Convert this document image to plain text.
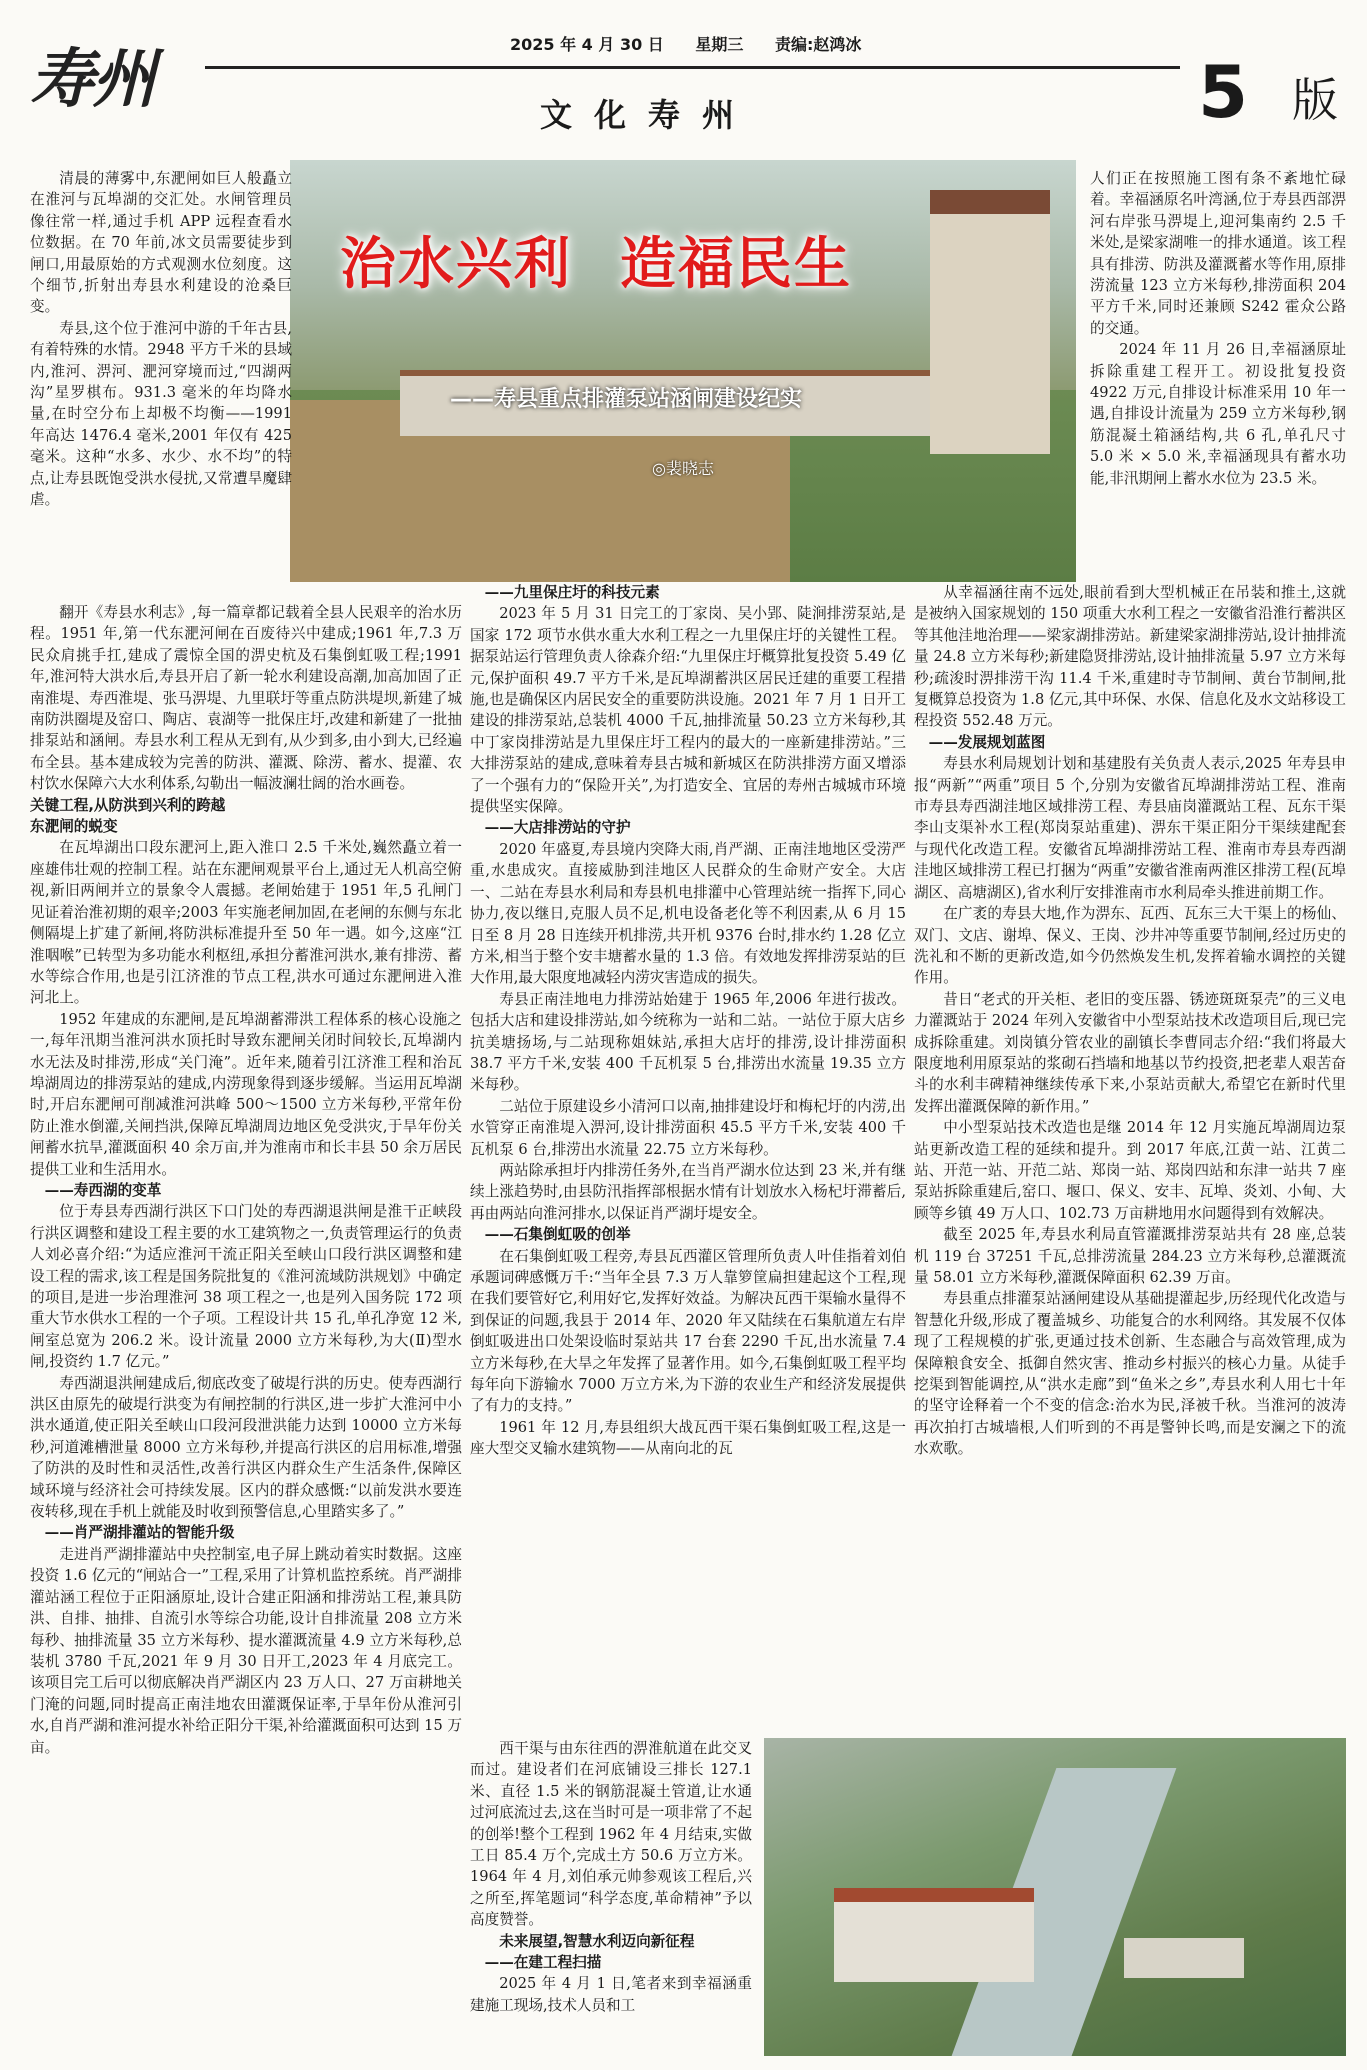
寿州	2025 年 4 月 30 日 星期三 责编:赵鸿冰
文化寿州	5 版
治水兴利 造福民生
——寿县重点排灌泵站涵闸建设纪实
◎裴晓志

清晨的薄雾中,东淝闸如巨人般矗立在淮河与瓦埠湖的交汇处。水闸管理员像往常一样,通过手机 APP 远程查看水位数据。在 70 年前,冰文员需要徒步到闸口,用最原始的方式观测水位刻度。这个细节,折射出寿县水利建设的沧桑巨变。

寿县,这个位于淮河中游的千年古县,有着特殊的水情。2948 平方千米的县域内,淮河、淠河、淝河穿境而过,“四湖两沟”星罗棋布。931.3 毫米的年均降水量,在时空分布上却极不均衡——1991 年高达 1476.4 毫米,2001 年仅有 425 毫米。这种“水多、水少、水不均”的特点,让寿县既饱受洪水侵扰,又常遭旱魔肆虐。

翻开《寿县水利志》,每一篇章都记载着全县人民艰辛的治水历程。1951 年,第一代东淝河闸在百废待兴中建成;1961 年,7.3 万民众肩挑手扛,建成了震惊全国的淠史杭及石集倒虹吸工程;1991 年,淮河特大洪水后,寿县开启了新一轮水利建设高潮,加高加固了正南淮堤、寿西淮堤、张马淠堤、九里联圩等重点防洪堤坝,新建了城南防洪圈堤及窑口、陶店、袁湖等一批保庄圩,改建和新建了一批抽排泵站和涵闸。寿县水利工程从无到有,从少到多,由小到大,已经遍布全县。基本建成较为完善的防洪、灌溉、除涝、蓄水、提灌、农村饮水保障六大水利体系,勾勒出一幅波澜壮阔的治水画卷。

关键工程,从防洪到兴利的跨越
东淝闸的蜕变

在瓦埠湖出口段东淝河上,距入淮口 2.5 千米处,巍然矗立着一座雄伟壮观的控制工程。站在东淝闸观景平台上,通过无人机高空俯视,新旧两闸并立的景象令人震撼。老闸始建于 1951 年,5 孔闸门见证着治淮初期的艰辛;2003 年实施老闸加固,在老闸的东侧与东北侧隔堤上扩建了新闸,将防洪标准提升至 50 年一遇。如今,这座“江淮咽喉”已转型为多功能水利枢纽,承担分蓄淮河洪水,兼有排涝、蓄水等综合作用,也是引江济淮的节点工程,洪水可通过东淝闸进入淮河北上。

1952 年建成的东淝闸,是瓦埠湖蓄滞洪工程体系的核心设施之一,每年汛期当淮河洪水顶托时导致东淝闸关闭时间较长,瓦埠湖内水无法及时排涝,形成“关门淹”。近年来,随着引江济淮工程和治瓦埠湖周边的排涝泵站的建成,内涝现象得到逐步缓解。当运用瓦埠湖时,开启东淝闸可削减淮河洪峰 500～1500 立方米每秒,平常年份防止淮水倒灌,关闸挡洪,保障瓦埠湖周边地区免受洪灾,于旱年份关闸蓄水抗旱,灌溉面积 40 余万亩,并为淮南市和长丰县 50 余万居民提供工业和生活用水。

——寿西湖的变革

位于寿县寿西湖行洪区下口门处的寿西湖退洪闸是淮干正峡段行洪区调整和建设工程主要的水工建筑物之一,负责管理运行的负责人刘必喜介绍:“为适应淮河干流正阳关至峡山口段行洪区调整和建设工程的需求,该工程是国务院批复的《淮河流域防洪规划》中确定的项目,是进一步治理淮河 38 项工程之一,也是列入国务院 172 项重大节水供水工程的一个子项。工程设计共 15 孔,单孔净宽 12 米,闸室总宽为 206.2 米。设计流量 2000 立方米每秒,为大(Ⅱ)型水闸,投资约 1.7 亿元。”

寿西湖退洪闸建成后,彻底改变了破堤行洪的历史。使寿西湖行洪区由原先的破堤行洪变为有闸控制的行洪区,进一步扩大淮河中小洪水通道,使正阳关至峡山口段河段泄洪能力达到 10000 立方米每秒,河道滩槽泄量 8000 立方米每秒,并提高行洪区的启用标准,增强了防洪的及时性和灵活性,改善行洪区内群众生产生活条件,保障区域环境与经济社会可持续发展。区内的群众感慨:“以前发洪水要连夜转移,现在手机上就能及时收到预警信息,心里踏实多了。”

——肖严湖排灌站的智能升级

走进肖严湖排灌站中央控制室,电子屏上跳动着实时数据。这座投资 1.6 亿元的“闸站合一”工程,采用了计算机监控系统。肖严湖排灌站涵工程位于正阳涵原址,设计合建正阳涵和排涝站工程,兼具防洪、自排、抽排、自流引水等综合功能,设计自排流量 208 立方米每秒、抽排流量 35 立方米每秒、提水灌溉流量 4.9 立方米每秒,总装机 3780 千瓦,2021 年 9 月 30 日开工,2023 年 4 月底完工。该项目完工后可以彻底解决肖严湖区内 23 万人口、27 万亩耕地关门淹的问题,同时提高正南洼地农田灌溉保证率,于旱年份从淮河引水,自肖严湖和淮河提水补给正阳分干渠,补给灌溉面积可达到 15 万亩。

——九里保庄圩的科技元素

2023 年 5 月 31 日完工的丁家岗、吴小郢、陡涧排涝泵站,是国家 172 项节水供水重大水利工程之一九里保庄圩的关键性工程。据泵站运行管理负责人徐森介绍:“九里保庄圩概算批复投资 5.49 亿元,保护面积 49.7 平方千米,是瓦埠湖蓄洪区居民迁建的重要工程措施,也是确保区内居民安全的重要防洪设施。2021 年 7 月 1 日开工建设的排涝泵站,总装机 4000 千瓦,抽排流量 50.23 立方米每秒,其中丁家岗排涝站是九里保庄圩工程内的最大的一座新建排涝站。”三大排涝泵站的建成,意味着寿县古城和新城区在防洪排涝方面又增添了一个强有力的“保险开关”,为打造安全、宜居的寿州古城城市环境提供坚实保障。

——大店排涝站的守护

2020 年盛夏,寿县境内突降大雨,肖严湖、正南洼地地区受涝严重,水患成灾。直接威胁到洼地区人民群众的生命财产安全。大店一、二站在寿县水利局和寿县机电排灌中心管理站统一指挥下,同心协力,夜以继日,克服人员不足,机电设备老化等不利因素,从 6 月 15 日至 8 月 28 日连续开机排涝,共开机 9376 台时,排水约 1.28 亿立方米,相当于整个安丰塘蓄水量的 1.3 倍。有效地发挥排涝泵站的巨大作用,最大限度地减轻内涝灾害造成的损失。

寿县正南洼地电力排涝站始建于 1965 年,2006 年进行拔改。包括大店和建设排涝站,如今统称为一站和二站。一站位于原大店乡抗美塘扬场,与二站现称姐妹站,承担大店圩的排涝,设计排涝面积 38.7 平方千米,安装 400 千瓦机泵 5 台,排涝出水流量 19.35 立方米每秒。

二站位于原建设乡小清河口以南,抽排建设圩和梅杞圩的内涝,出水管穿正南淮堤入淠河,设计排涝面积 45.5 平方千米,安装 400 千瓦机泵 6 台,排涝出水流量 22.75 立方米每秒。

两站除承担圩内排涝任务外,在当肖严湖水位达到 23 米,并有继续上涨趋势时,由县防汛指挥部根据水情有计划放水入杨杞圩滞蓄后,再由两站向淮河排水,以保证肖严湖圩堤安全。

——石集倒虹吸的创举

在石集倒虹吸工程旁,寿县瓦西灌区管理所负责人叶佳指着刘伯承题词碑感慨万千:“当年全县 7.3 万人靠箩筐扁担建起这个工程,现在我们要管好它,利用好它,发挥好效益。为解决瓦西干渠输水量得不到保证的问题,我县于 2014 年、2020 年又陆续在石集航道左右岸倒虹吸进出口处架设临时泵站共 17 台套 2290 千瓦,出水流量 7.4 立方米每秒,在大旱之年发挥了显著作用。如今,石集倒虹吸工程平均每年向下游输水 7000 万立方米,为下游的农业生产和经济发展提供了有力的支持。”

1961 年 12 月,寿县组织大战瓦西干渠石集倒虹吸工程,这是一座大型交叉输水建筑物——从南向北的瓦

西干渠与由东往西的淠淮航道在此交叉而过。建设者们在河底铺设三排长 127.1 米、直径 1.5 米的钢筋混凝土管道,让水通过河底流过去,这在当时可是一项非常了不起的创举!整个工程到 1962 年 4 月结束,实做工日 85.4 万个,完成土方 50.6 万立方米。1964 年 4 月,刘伯承元帅参观该工程后,兴之所至,挥笔题词“科学态度,革命精神”予以高度赞誉。

未来展望,智慧水利迈向新征程
——在建工程扫描

2025 年 4 月 1 日,笔者来到幸福涵重建施工现场,技术人员和工

人们正在按照施工图有条不紊地忙碌着。幸福涵原名叶湾涵,位于寿县西部淠河右岸张马淠堤上,迎河集南约 2.5 千米处,是梁家湖唯一的排水通道。该工程具有排涝、防洪及灌溉蓄水等作用,原排涝流量 123 立方米每秒,排涝面积 204 平方千米,同时还兼顾 S242 霍众公路的交通。

2024 年 11 月 26 日,幸福涵原址拆除重建工程开工。初设批复投资 4922 万元,自排设计标准采用 10 年一遇,自排设计流量为 259 立方米每秒,钢筋混凝土箱涵结构,共 6 孔,单孔尺寸 5.0 米 × 5.0 米,幸福涵现具有蓄水功能,非汛期闸上蓄水水位为 23.5 米。

从幸福涵往南不远处,眼前看到大型机械正在吊装和推土,这就是被纳入国家规划的 150 项重大水利工程之一安徽省沿淮行蓄洪区等其他洼地治理——梁家湖排涝站。新建梁家湖排涝站,设计抽排流量 24.8 立方米每秒;新建隐贤排涝站,设计抽排流量 5.97 立方米每秒;疏浚时淠排涝干沟 11.4 千米,重建时寺节制闸、黄台节制闸,批复概算总投资为 1.8 亿元,其中环保、水保、信息化及水文站移设工程投资 552.48 万元。

——发展规划蓝图

寿县水利局规划计划和基建股有关负责人表示,2025 年寿县申报“两新”“两重”项目 5 个,分别为安徽省瓦埠湖排涝站工程、淮南市寿县寿西湖洼地区域排涝工程、寿县庙岗灌溉站工程、瓦东干渠李山支渠补水工程(郑岗泵站重建)、淠东干渠正阳分干渠续建配套与现代化改造工程。安徽省瓦埠湖排涝站工程、淮南市寿县寿西湖洼地区域排涝工程已打捆为“两重”安徽省淮南两淮区排涝工程(瓦埠湖区、高塘湖区),省水利厅安排淮南市水利局牵头推进前期工作。

在广袤的寿县大地,作为淠东、瓦西、瓦东三大干渠上的杨仙、双门、文店、谢埠、保义、王岗、沙井冲等重要节制闸,经过历史的洗礼和不断的更新改造,如今仍然焕发生机,发挥着输水调控的关键作用。

昔日“老式的开关柜、老旧的变压器、锈迹斑斑泵壳”的三义电力灌溉站于 2024 年列入安徽省中小型泵站技术改造项目后,现已完成拆除重建。刘岗镇分管农业的副镇长李曹同志介绍:“我们将最大限度地利用原泵站的浆砌石挡墙和地基以节约投资,把老辈人艰苦奋斗的水利丰碑精神继续传承下来,小泵站贡献大,希望它在新时代里发挥出灌溉保障的新作用。”

中小型泵站技术改造也是继 2014 年 12 月实施瓦埠湖周边泵站更新改造工程的延续和提升。到 2017 年底,江黄一站、江黄二站、开范一站、开范二站、郑岗一站、郑岗四站和东津一站共 7 座泵站拆除重建后,窑口、堰口、保义、安丰、瓦埠、炎刘、小甸、大顾等乡镇 49 万人口、102.73 万亩耕地用水问题得到有效解决。

截至 2025 年,寿县水利局直管灌溉排涝泵站共有 28 座,总装机 119 台 37251 千瓦,总排涝流量 284.23 立方米每秒,总灌溉流量 58.01 立方米每秒,灌溉保障面积 62.39 万亩。

寿县重点排灌泵站涵闸建设从基础提灌起步,历经现代化改造与智慧化升级,形成了覆盖城乡、功能复合的水利网络。其发展不仅体现了工程规模的扩张,更通过技术创新、生态融合与高效管理,成为保障粮食安全、抵御自然灾害、推动乡村振兴的核心力量。从徒手挖渠到智能调控,从“洪水走廊”到“鱼米之乡”,寿县水利人用七十年的坚守诠释着一个不变的信念:治水为民,泽被千秋。当淮河的波涛再次拍打古城墙根,人们听到的不再是警钟长鸣,而是安澜之下的流水欢歌。
